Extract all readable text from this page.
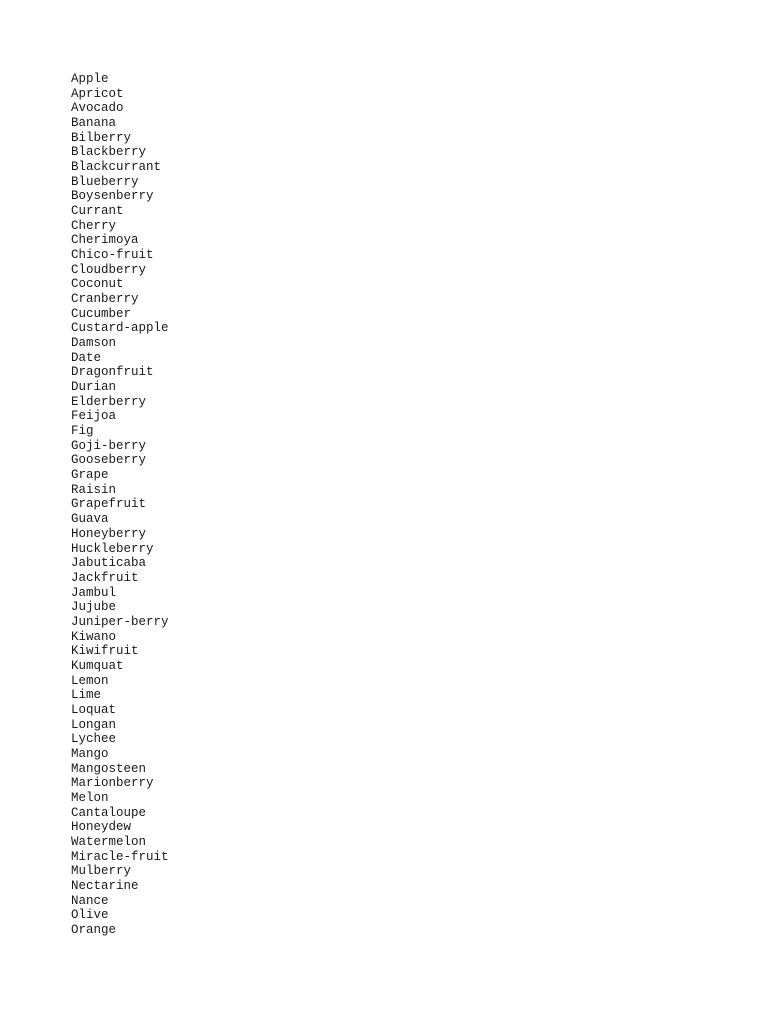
Apple
Apricot
Avocado
Banana
Bilberry
Blackberry
Blackcurrant
Blueberry
Boysenberry
Currant
Cherry
Cherimoya
Chico-fruit
Cloudberry
Coconut
Cranberry
Cucumber
Custard-apple
Damson
Date
Dragonfruit
Durian
Elderberry
Feijoa
Fig
Goji-berry
Gooseberry
Grape
Raisin
Grapefruit
Guava
Honeyberry
Huckleberry
Jabuticaba
Jackfruit
Jambul
Jujube
Juniper-berry
Kiwano
Kiwifruit
Kumquat
Lemon
Lime
Loquat
Longan
Lychee
Mango
Mangosteen
Marionberry
Melon
Cantaloupe
Honeydew
Watermelon
Miracle-fruit
Mulberry
Nectarine
Nance
Olive
Orange
